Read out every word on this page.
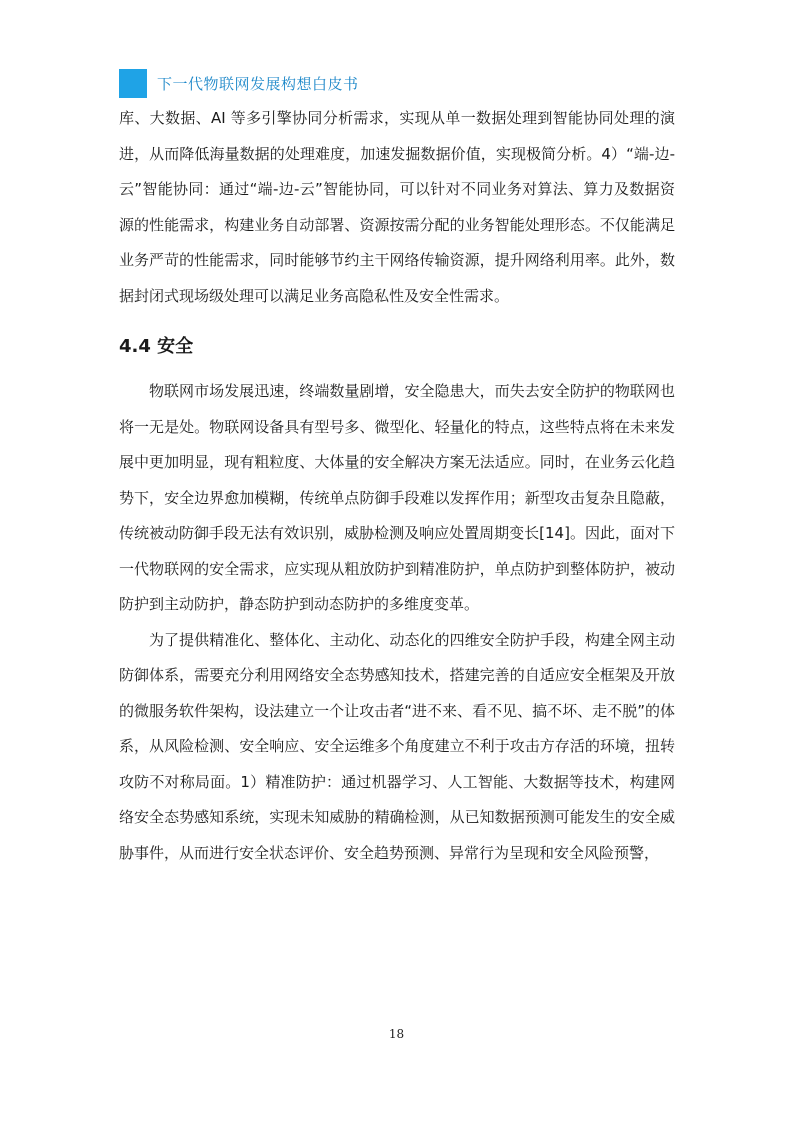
下一代物联网发展构想白皮书

库、大数据、AI 等多引擎协同分析需求，实现从单一数据处理到智能协同处理的演进，从而降低海量数据的处理难度，加速发掘数据价值，实现极简分析。4）“端-边-云”智能协同：通过“端-边-云”智能协同，可以针对不同业务对算法、算力及数据资源的性能需求，构建业务自动部署、资源按需分配的业务智能处理形态。不仅能满足业务严苛的性能需求，同时能够节约主干网络传输资源，提升网络利用率。此外，数据封闭式现场级处理可以满足业务高隐私性及安全性需求。

4.4 安全

物联网市场发展迅速，终端数量剧增，安全隐患大，而失去安全防护的物联网也将一无是处。物联网设备具有型号多、微型化、轻量化的特点，这些特点将在未来发展中更加明显，现有粗粒度、大体量的安全解决方案无法适应。同时，在业务云化趋势下，安全边界愈加模糊，传统单点防御手段难以发挥作用；新型攻击复杂且隐蔽，传统被动防御手段无法有效识别，威胁检测及响应处置周期变长[14]。因此，面对下一代物联网的安全需求，应实现从粗放防护到精准防护，单点防护到整体防护，被动防护到主动防护，静态防护到动态防护的多维度变革。

为了提供精准化、整体化、主动化、动态化的四维安全防护手段，构建全网主动防御体系，需要充分利用网络安全态势感知技术，搭建完善的自适应安全框架及开放的微服务软件架构，设法建立一个让攻击者“进不来、看不见、搞不坏、走不脱”的体系，从风险检测、安全响应、安全运维多个角度建立不利于攻击方存活的环境，扭转攻防不对称局面。1）精准防护：通过机器学习、人工智能、大数据等技术，构建网络安全态势感知系统，实现未知威胁的精确检测，从已知数据预测可能发生的安全威胁事件，从而进行安全状态评价、安全趋势预测、异常行为呈现和安全风险预警，

18
